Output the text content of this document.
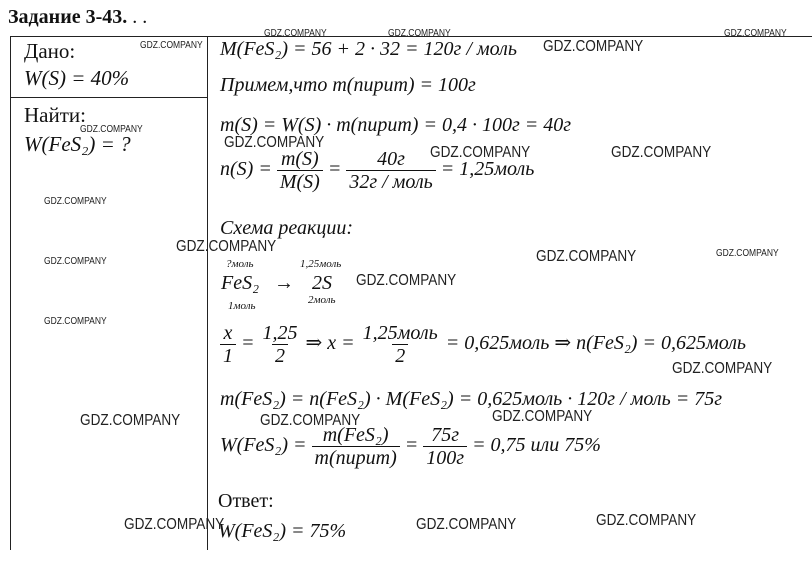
Задание 3-43. . .
Дано:
W(S) = 40%
Найти:
W(FeS₂) = ?
M(FeS₂) = 56 + 2 · 32 = 120г / моль
Примем,что m(пирит) = 100г
m(S) = W(S) · m(пирит) = 0,4 · 100г = 40г
$n(S) = \frac{m(S)}{M(S)} = \frac{40г}{\text{32г / моль}}$ = 1,25моль
Схема реакции:
?моль
FeS₂
1моль
→
1,25моль
2S
2моль
$\frac{x}{1} = \frac{1,25}{2}$ ⇒ $x = \frac{\text{1,25моль}}{2}$ = 0,625моль ⇒ n(FeS₂) = 0,625моль
m(FeS₂) = n(FeS₂) · M(FeS₂) = 0,625моль · 120г / моль = 75г
$W(FeS_2) = \frac{\text{m(FeS₂)}}{\text{m(пирит)}} = \frac{75г}{100г} = 0,75$ или 75%
Ответ:
W(FeS₂) = 75%
GDZ.COMPANY	GDZ.COMPANY	GDZ.COMPANY
GDZ.COMPANY	GDZ.COMPANY
GDZ.COMPANY
GDZ.COMPANY
GDZ.COMPANY	GDZ.COMPANY
GDZ.COMPANY
GDZ.COMPANY
GDZ.COMPANY	GDZ.COMPANY
GDZ.COMPANY
GDZ.COMPANY
GDZ.COMPANY
GDZ.COMPANY
GDZ.COMPANY	GDZ.COMPANY	GDZ.COMPANY
GDZ.COMPANY	GDZ.COMPANY	GDZ.COMPANY
